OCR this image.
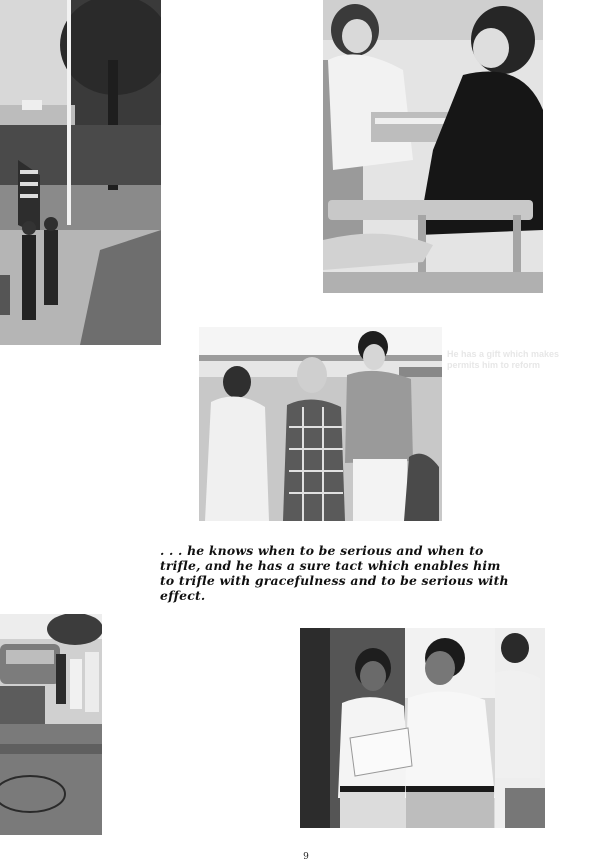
He has a gift which makes
permits him to reform

. . . he knows when to be serious and when to
trifle, and he has a sure tact which enables him
to trifle with gracefulness and to be serious with
effect.

9
